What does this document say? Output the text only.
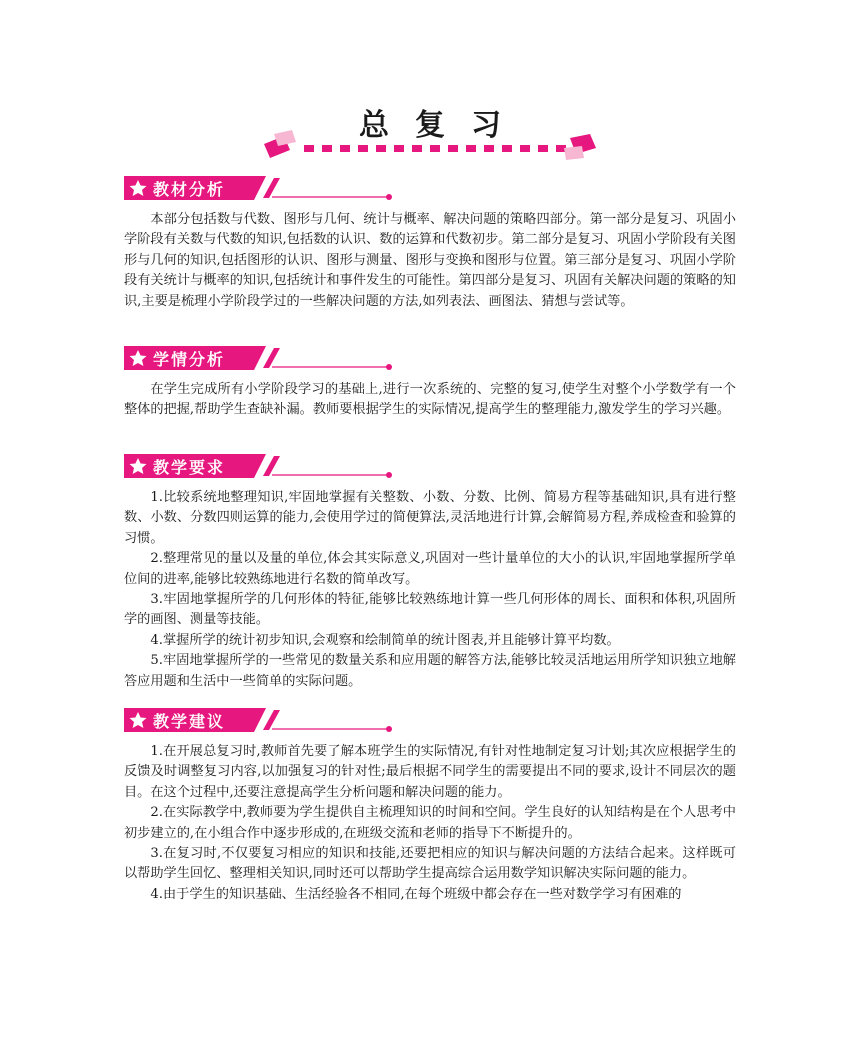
总复习
教材分析

本部分包括数与代数、图形与几何、统计与概率、解决问题的策略四部分。第一部分是复习、巩固小学阶段有关数与代数的知识,包括数的认识、数的运算和代数初步。第二部分是复习、巩固小学阶段有关图形与几何的知识,包括图形的认识、图形与测量、图形与变换和图形与位置。第三部分是复习、巩固小学阶段有关统计与概率的知识,包括统计和事件发生的可能性。第四部分是复习、巩固有关解决问题的策略的知识,主要是梳理小学阶段学过的一些解决问题的方法,如列表法、画图法、猜想与尝试等。

学情分析

在学生完成所有小学阶段学习的基础上,进行一次系统的、完整的复习,使学生对整个小学数学有一个整体的把握,帮助学生查缺补漏。教师要根据学生的实际情况,提高学生的整理能力,激发学生的学习兴趣。

教学要求

1.比较系统地整理知识,牢固地掌握有关整数、小数、分数、比例、简易方程等基础知识,具有进行整数、小数、分数四则运算的能力,会使用学过的简便算法,灵活地进行计算,会解简易方程,养成检查和验算的习惯。

2.整理常见的量以及量的单位,体会其实际意义,巩固对一些计量单位的大小的认识,牢固地掌握所学单位间的进率,能够比较熟练地进行名数的简单改写。

3.牢固地掌握所学的几何形体的特征,能够比较熟练地计算一些几何形体的周长、面积和体积,巩固所学的画图、测量等技能。

4.掌握所学的统计初步知识,会观察和绘制简单的统计图表,并且能够计算平均数。

5.牢固地掌握所学的一些常见的数量关系和应用题的解答方法,能够比较灵活地运用所学知识独立地解答应用题和生活中一些简单的实际问题。

教学建议

1.在开展总复习时,教师首先要了解本班学生的实际情况,有针对性地制定复习计划;其次应根据学生的反馈及时调整复习内容,以加强复习的针对性;最后根据不同学生的需要提出不同的要求,设计不同层次的题目。在这个过程中,还要注意提高学生分析问题和解决问题的能力。

2.在实际教学中,教师要为学生提供自主梳理知识的时间和空间。学生良好的认知结构是在个人思考中初步建立的,在小组合作中逐步形成的,在班级交流和老师的指导下不断提升的。

3.在复习时,不仅要复习相应的知识和技能,还要把相应的知识与解决问题的方法结合起来。这样既可以帮助学生回忆、整理相关知识,同时还可以帮助学生提高综合运用数学知识解决实际问题的能力。

4.由于学生的知识基础、生活经验各不相同,在每个班级中都会存在一些对数学学习有困难的
